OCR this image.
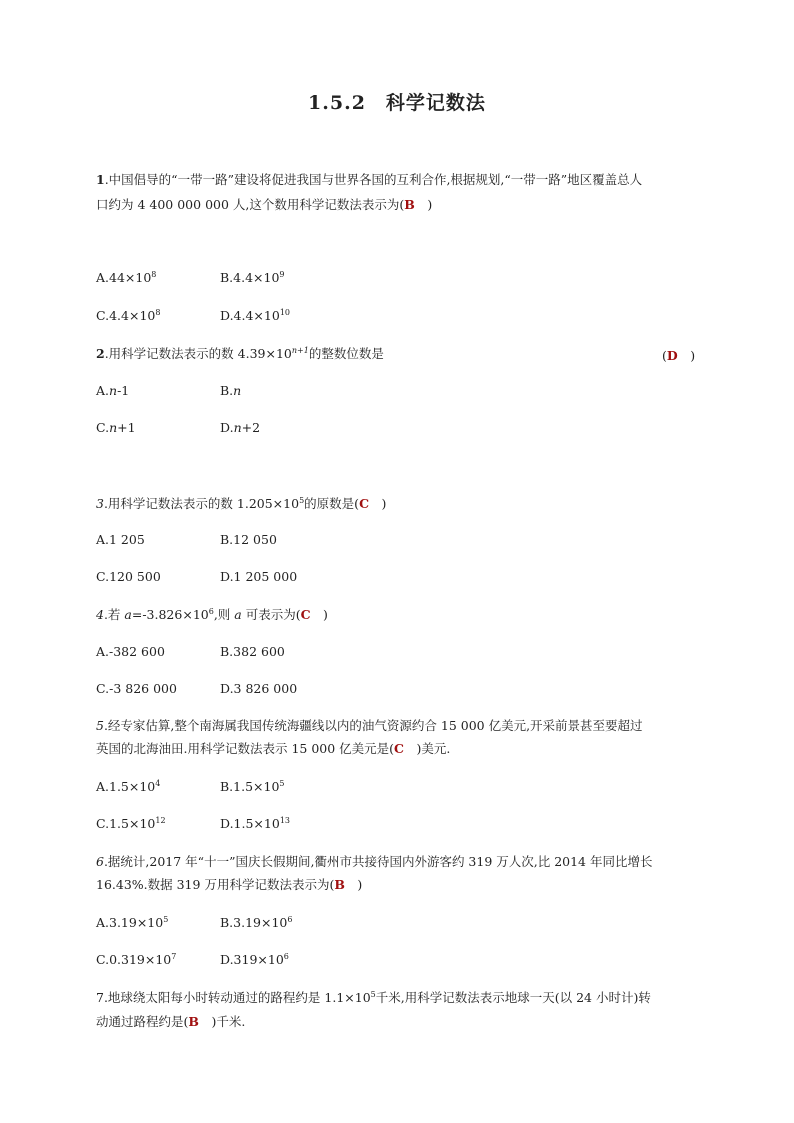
1.5.2　科学记数法
1.中国倡导的“一带一路”建设将促进我国与世界各国的互利合作,根据规划,“一带一路”地区覆盖总人
口约为 4 400 000 000 人,这个数用科学记数法表示为(B　)
$A.44\times 10^8$	$B.4.4\times 10^9$
$C.4.4\times 10^8$	$D.4.4\times 10^{10}$
2.用科学记数法表示的数 $4.39\times 10^{n+1}$的整数位数是	(D　)
A.n-1	B.n
C.n+1	D.n+2
3.用科学记数法表示的数 $1.205\times 10^5$的原数是(C　)
A.1 205	B.12 050
C.120 500	D.1 205 000
4.若 $a=-3.826\times 10^6$,则 a 可表示为(C　)
A.-382 600	B.382 600
C.-3 826 000	D.3 826 000
5.经专家估算,整个南海属我国传统海疆线以内的油气资源约合 15 000 亿美元,开采前景甚至要超过
英国的北海油田.用科学记数法表示 15 000 亿美元是(C　)美元.
$A.1.5\times 10^4$	$B.1.5\times 10^5$
$C.1.5\times 10^{12}$	$D.1.5\times 10^{13}$
6.据统计,2017 年“十一”国庆长假期间,衢州市共接待国内外游客约 319 万人次,比 2014 年同比增长
16.43%.数据 319 万用科学记数法表示为(B　)
$A.3.19\times 10^5$	$B.3.19\times 10^6$
$C.0.319\times 10^7$	$D.319\times 10^6$
7.地球绕太阳每小时转动通过的路程约是 $1.1\times 10^5$千米,用科学记数法表示地球一天(以 24 小时计)转
动通过路程约是(B　)千米.
